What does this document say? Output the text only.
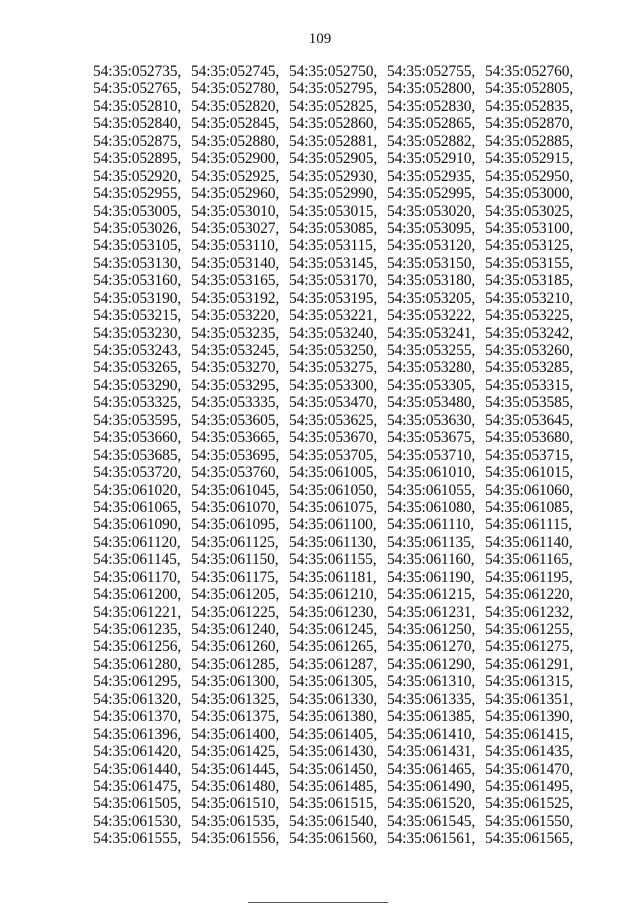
109
54:35:052735, 54:35:052745, 54:35:052750, 54:35:052755, 54:35:052760,
54:35:052765, 54:35:052780, 54:35:052795, 54:35:052800, 54:35:052805,
54:35:052810, 54:35:052820, 54:35:052825, 54:35:052830, 54:35:052835,
54:35:052840, 54:35:052845, 54:35:052860, 54:35:052865, 54:35:052870,
54:35:052875, 54:35:052880, 54:35:052881, 54:35:052882, 54:35:052885,
54:35:052895, 54:35:052900, 54:35:052905, 54:35:052910, 54:35:052915,
54:35:052920, 54:35:052925, 54:35:052930, 54:35:052935, 54:35:052950,
54:35:052955, 54:35:052960, 54:35:052990, 54:35:052995, 54:35:053000,
54:35:053005, 54:35:053010, 54:35:053015, 54:35:053020, 54:35:053025,
54:35:053026, 54:35:053027, 54:35:053085, 54:35:053095, 54:35:053100,
54:35:053105, 54:35:053110, 54:35:053115, 54:35:053120, 54:35:053125,
54:35:053130, 54:35:053140, 54:35:053145, 54:35:053150, 54:35:053155,
54:35:053160, 54:35:053165, 54:35:053170, 54:35:053180, 54:35:053185,
54:35:053190, 54:35:053192, 54:35:053195, 54:35:053205, 54:35:053210,
54:35:053215, 54:35:053220, 54:35:053221, 54:35:053222, 54:35:053225,
54:35:053230, 54:35:053235, 54:35:053240, 54:35:053241, 54:35:053242,
54:35:053243, 54:35:053245, 54:35:053250, 54:35:053255, 54:35:053260,
54:35:053265, 54:35:053270, 54:35:053275, 54:35:053280, 54:35:053285,
54:35:053290, 54:35:053295, 54:35:053300, 54:35:053305, 54:35:053315,
54:35:053325, 54:35:053335, 54:35:053470, 54:35:053480, 54:35:053585,
54:35:053595, 54:35:053605, 54:35:053625, 54:35:053630, 54:35:053645,
54:35:053660, 54:35:053665, 54:35:053670, 54:35:053675, 54:35:053680,
54:35:053685, 54:35:053695, 54:35:053705, 54:35:053710, 54:35:053715,
54:35:053720, 54:35:053760, 54:35:061005, 54:35:061010, 54:35:061015,
54:35:061020, 54:35:061045, 54:35:061050, 54:35:061055, 54:35:061060,
54:35:061065, 54:35:061070, 54:35:061075, 54:35:061080, 54:35:061085,
54:35:061090, 54:35:061095, 54:35:061100, 54:35:061110, 54:35:061115,
54:35:061120, 54:35:061125, 54:35:061130, 54:35:061135, 54:35:061140,
54:35:061145, 54:35:061150, 54:35:061155, 54:35:061160, 54:35:061165,
54:35:061170, 54:35:061175, 54:35:061181, 54:35:061190, 54:35:061195,
54:35:061200, 54:35:061205, 54:35:061210, 54:35:061215, 54:35:061220,
54:35:061221, 54:35:061225, 54:35:061230, 54:35:061231, 54:35:061232,
54:35:061235, 54:35:061240, 54:35:061245, 54:35:061250, 54:35:061255,
54:35:061256, 54:35:061260, 54:35:061265, 54:35:061270, 54:35:061275,
54:35:061280, 54:35:061285, 54:35:061287, 54:35:061290, 54:35:061291,
54:35:061295, 54:35:061300, 54:35:061305, 54:35:061310, 54:35:061315,
54:35:061320, 54:35:061325, 54:35:061330, 54:35:061335, 54:35:061351,
54:35:061370, 54:35:061375, 54:35:061380, 54:35:061385, 54:35:061390,
54:35:061396, 54:35:061400, 54:35:061405, 54:35:061410, 54:35:061415,
54:35:061420, 54:35:061425, 54:35:061430, 54:35:061431, 54:35:061435,
54:35:061440, 54:35:061445, 54:35:061450, 54:35:061465, 54:35:061470,
54:35:061475, 54:35:061480, 54:35:061485, 54:35:061490, 54:35:061495,
54:35:061505, 54:35:061510, 54:35:061515, 54:35:061520, 54:35:061525,
54:35:061530, 54:35:061535, 54:35:061540, 54:35:061545, 54:35:061550,
54:35:061555, 54:35:061556, 54:35:061560, 54:35:061561, 54:35:061565,
